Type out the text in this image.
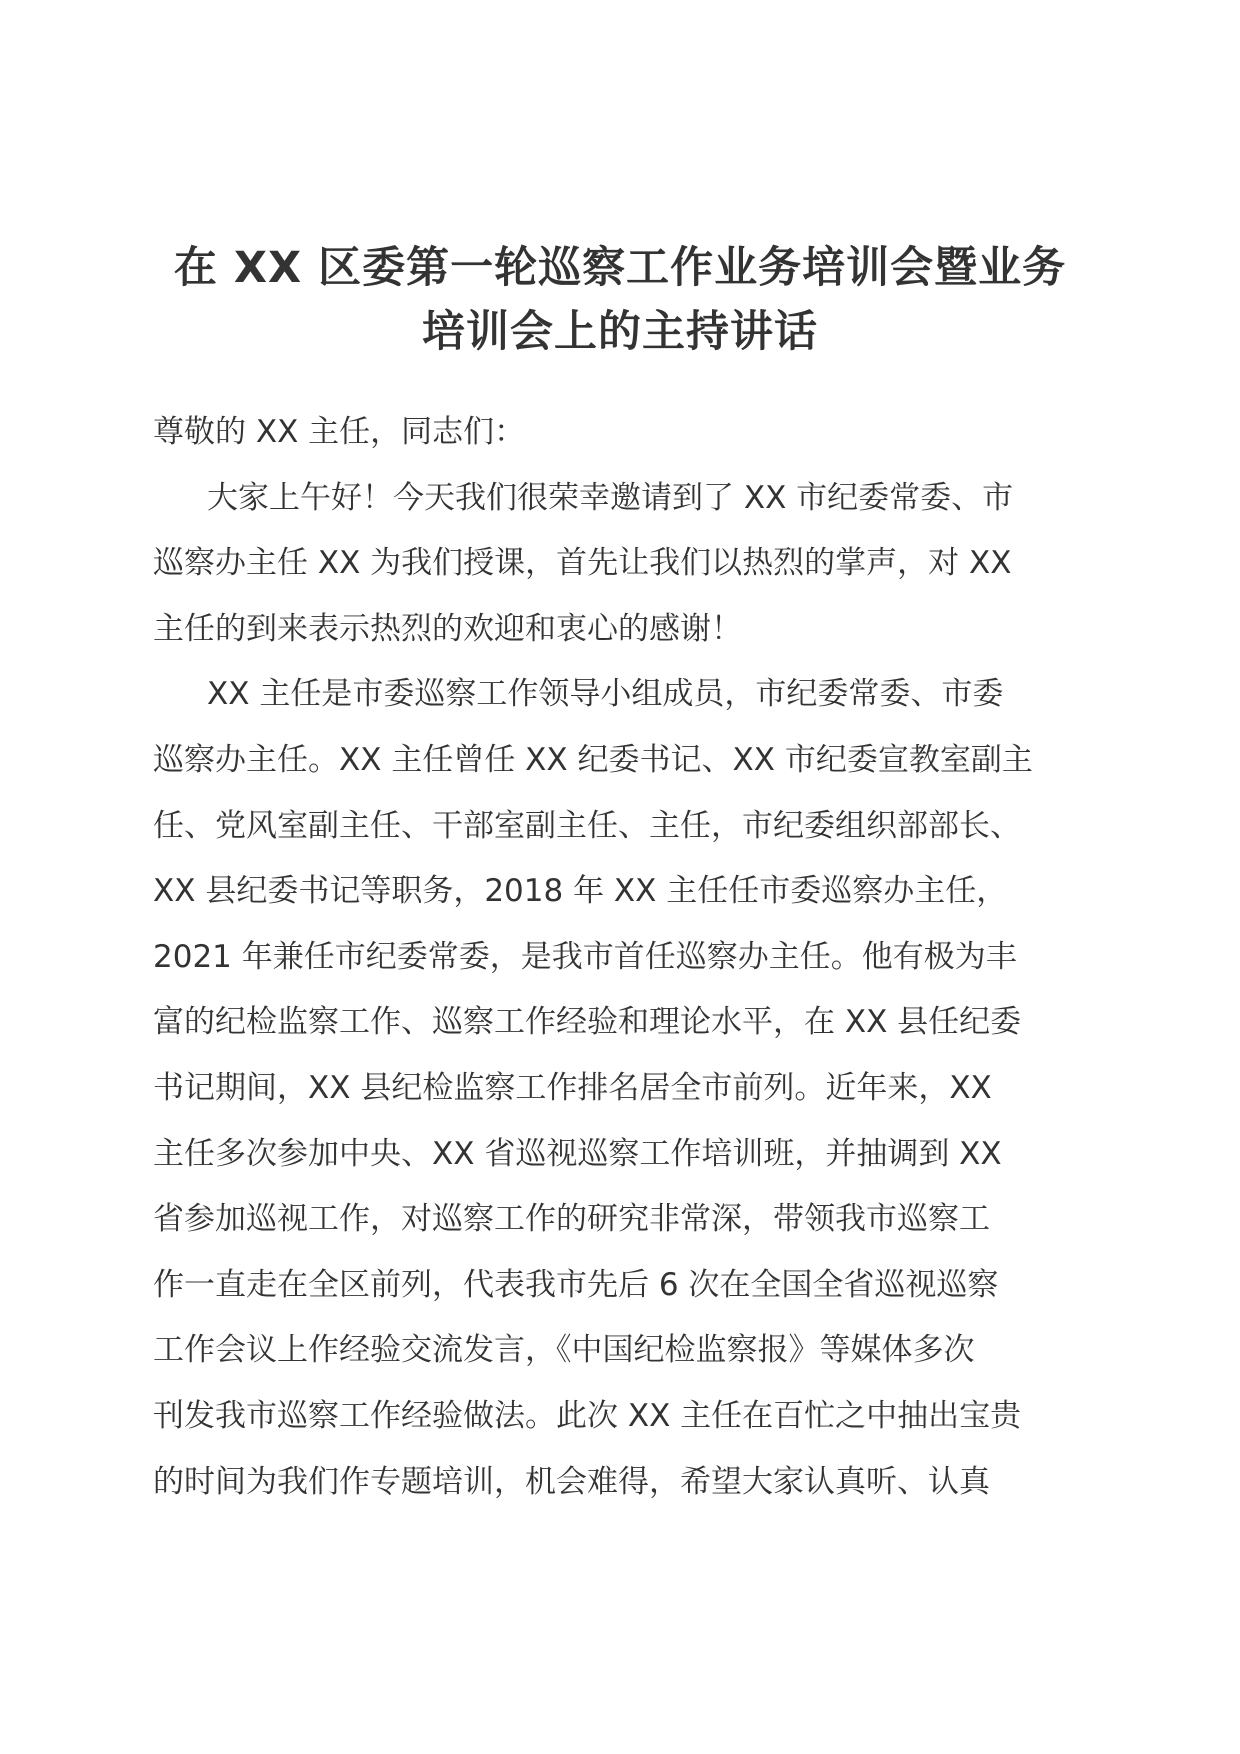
在 XX 区委第一轮巡察工作业务培训会暨业务
培训会上的主持讲话
尊敬的 XX 主任，同志们：
大家上午好！今天我们很荣幸邀请到了 XX 市纪委常委、市
巡察办主任 XX 为我们授课，首先让我们以热烈的掌声，对 XX
主任的到来表示热烈的欢迎和衷心的感谢！
XX 主任是市委巡察工作领导小组成员，市纪委常委、市委
巡察办主任。XX 主任曾任 XX 纪委书记、XX 市纪委宣教室副主
任、党风室副主任、干部室副主任、主任，市纪委组织部部长、
XX 县纪委书记等职务，2018 年 XX 主任任市委巡察办主任，
2021 年兼任市纪委常委，是我市首任巡察办主任。他有极为丰
富的纪检监察工作、巡察工作经验和理论水平，在 XX 县任纪委
书记期间，XX 县纪检监察工作排名居全市前列。近年来，XX
主任多次参加中央、XX 省巡视巡察工作培训班，并抽调到 XX
省参加巡视工作，对巡察工作的研究非常深，带领我市巡察工
作一直走在全区前列，代表我市先后 6 次在全国全省巡视巡察
工作会议上作经验交流发言，《中国纪检监察报》等媒体多次
刊发我市巡察工作经验做法。此次 XX 主任在百忙之中抽出宝贵
的时间为我们作专题培训，机会难得，希望大家认真听、认真
